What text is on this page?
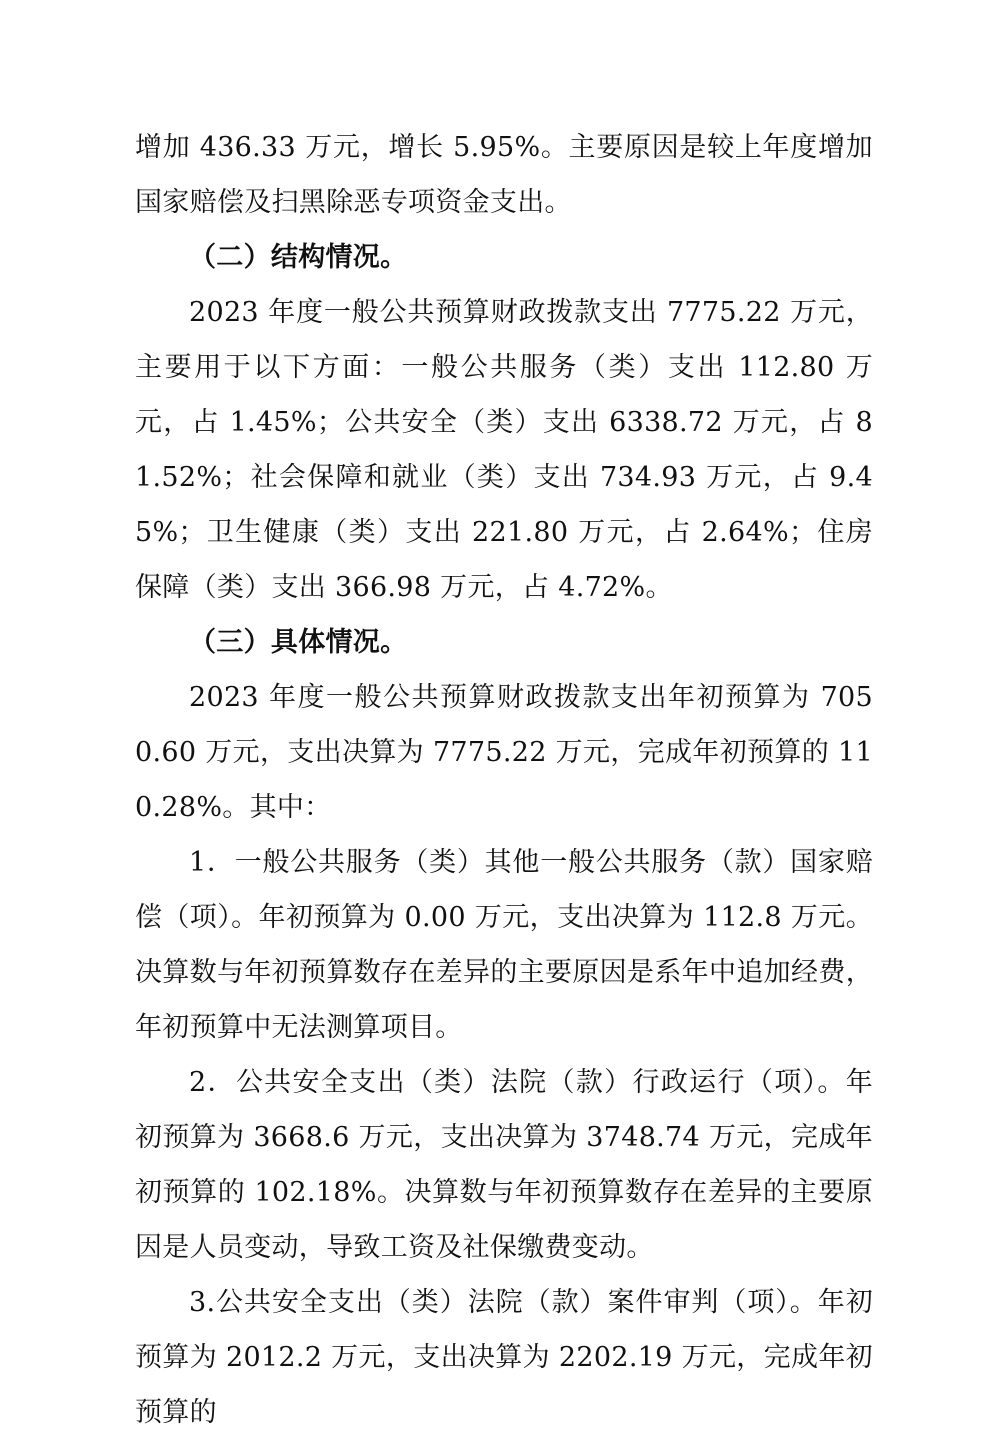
增加 436.33 万元，增长 5.95%。主要原因是较上年度增加国家赔偿及扫黑除恶专项资金支出。

（二）结构情况。

2023 年度一般公共预算财政拨款支出 7775.22 万元，主要用于以下方面：一般公共服务（类）支出 112.80 万元，占 1.45%；公共安全（类）支出 6338.72 万元，占 81.52%；社会保障和就业（类）支出 734.93 万元，占 9.45%；卫生健康（类）支出 221.80 万元，占 2.64%；住房保障（类）支出 366.98 万元，占 4.72%。

（三）具体情况。

2023 年度一般公共预算财政拨款支出年初预算为 7050.60 万元，支出决算为 7775.22 万元，完成年初预算的 110.28%。其中：

1．一般公共服务（类）其他一般公共服务（款）国家赔偿（项）。年初预算为 0.00 万元，支出决算为 112.8 万元。决算数与年初预算数存在差异的主要原因是系年中追加经费，年初预算中无法测算项目。

2．公共安全支出（类）法院（款）行政运行（项）。年初预算为 3668.6 万元，支出决算为 3748.74 万元，完成年初预算的 102.18%。决算数与年初预算数存在差异的主要原因是人员变动，导致工资及社保缴费变动。

3.公共安全支出（类）法院（款）案件审判（项）。年初预算为 2012.2 万元，支出决算为 2202.19 万元，完成年初预算的
